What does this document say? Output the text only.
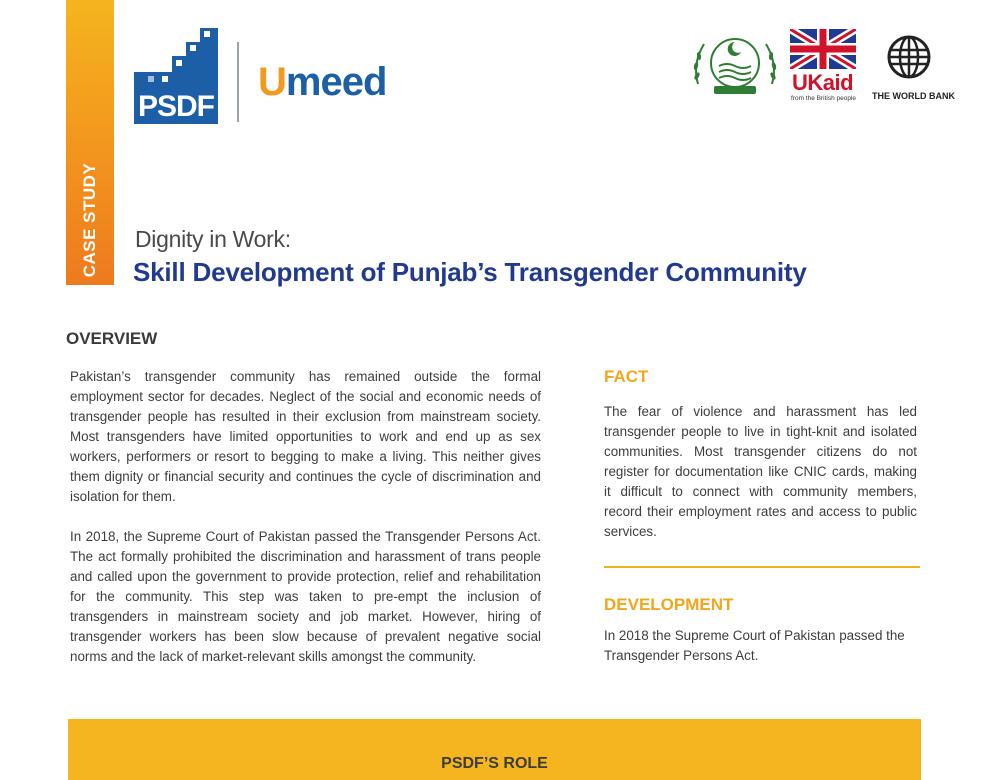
CASE STUDY
PSDF
Umeed	UKaid
from the British people THE WORLD BANK
Dignity in Work:
Skill Development of Punjab’s Transgender Community
OVERVIEW

Pakistan’s transgender community has remained outside the formal employment sector for decades. Neglect of the social and economic needs of transgender people has resulted in their exclusion from mainstream society. Most transgenders have limited opportunities to work and end up as sex workers, performers or resort to begging to make a living. This neither gives them dignity or financial security and continues the cycle of discrimination and isolation for them.

In 2018, the Supreme Court of Pakistan passed the Transgender Persons Act. The act formally prohibited the discrimination and harassment of trans people and called upon the government to provide protection, relief and rehabilitation for the community. This step was taken to pre-empt the inclusion of transgenders in mainstream society and job market. However, hiring of transgender workers has been slow because of prevalent negative social norms and the lack of market-relevant skills amongst the community.

FACT

The fear of violence and harassment has led transgender people to live in tight-knit and isolated communities. Most transgender citizens do not register for documentation like CNIC cards, making it difficult to connect with community members, record their employment rates and access to public services.

DEVELOPMENT

In 2018 the Supreme Court of Pakistan passed the Transgender Persons Act.

PSDF’S ROLE
